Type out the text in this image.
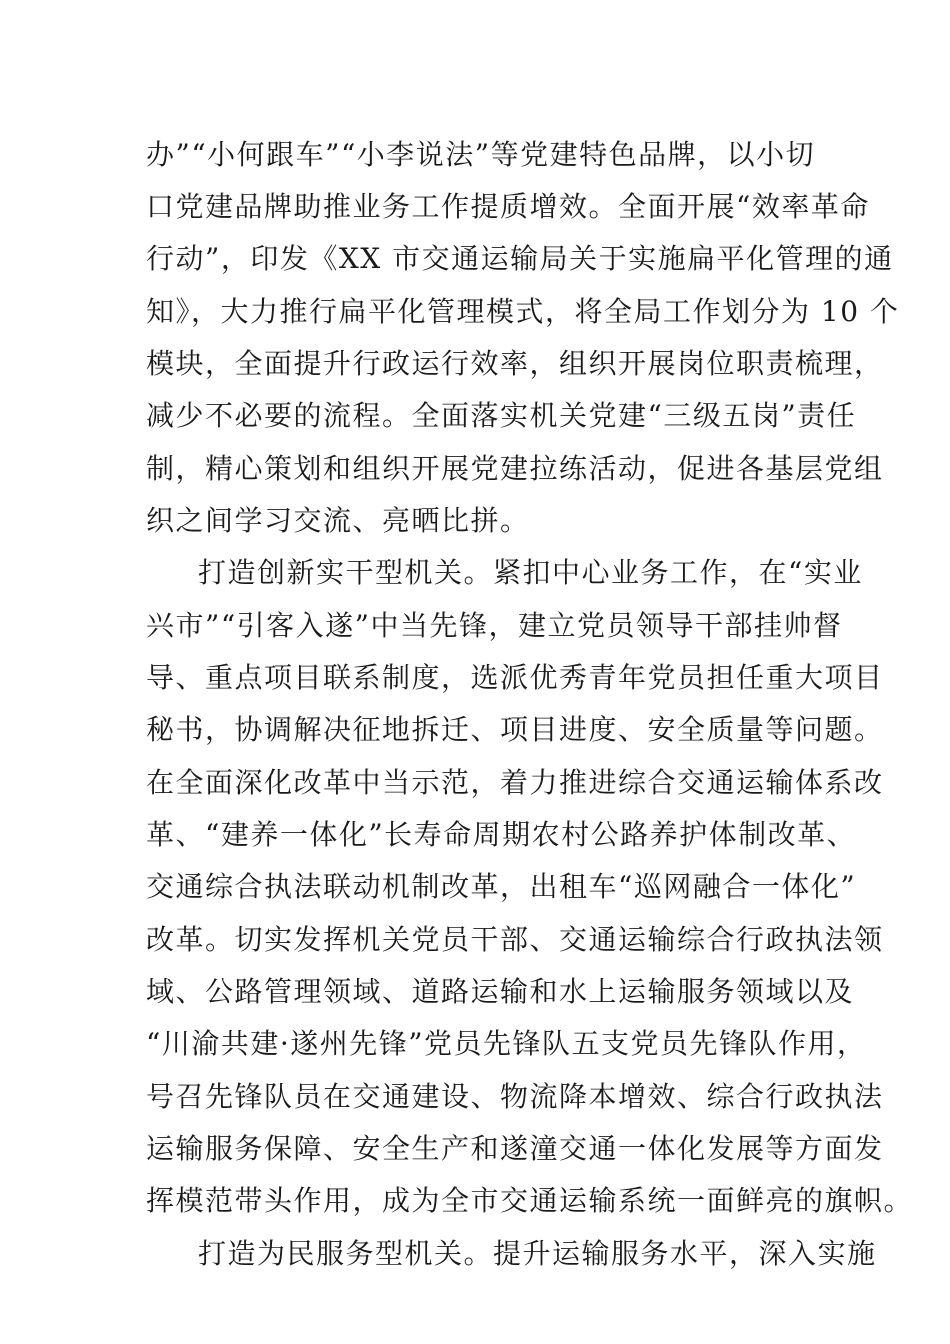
办”“小何跟车”“小李说法”等党建特色品牌，以小切
口党建品牌助推业务工作提质增效。全面开展“效率革命
行动”，印发《XX 市交通运输局关于实施扁平化管理的通
知》，大力推行扁平化管理模式，将全局工作划分为 10 个
模块，全面提升行政运行效率，组织开展岗位职责梳理，
减少不必要的流程。全面落实机关党建“三级五岗”责任
制，精心策划和组织开展党建拉练活动，促进各基层党组
织之间学习交流、亮晒比拼。
打造创新实干型机关。紧扣中心业务工作，在“实业
兴市”“引客入遂”中当先锋，建立党员领导干部挂帅督
导、重点项目联系制度，选派优秀青年党员担任重大项目
秘书，协调解决征地拆迁、项目进度、安全质量等问题。
在全面深化改革中当示范，着力推进综合交通运输体系改
革、“建养一体化”长寿命周期农村公路养护体制改革、
交通综合执法联动机制改革，出租车“巡网融合一体化”
改革。切实发挥机关党员干部、交通运输综合行政执法领
域、公路管理领域、道路运输和水上运输服务领域以及
“川渝共建·遂州先锋”党员先锋队五支党员先锋队作用，
号召先锋队员在交通建设、物流降本增效、综合行政执法
运输服务保障、安全生产和遂潼交通一体化发展等方面发
挥模范带头作用，成为全市交通运输系统一面鲜亮的旗帜。
打造为民服务型机关。提升运输服务水平，深入实施
